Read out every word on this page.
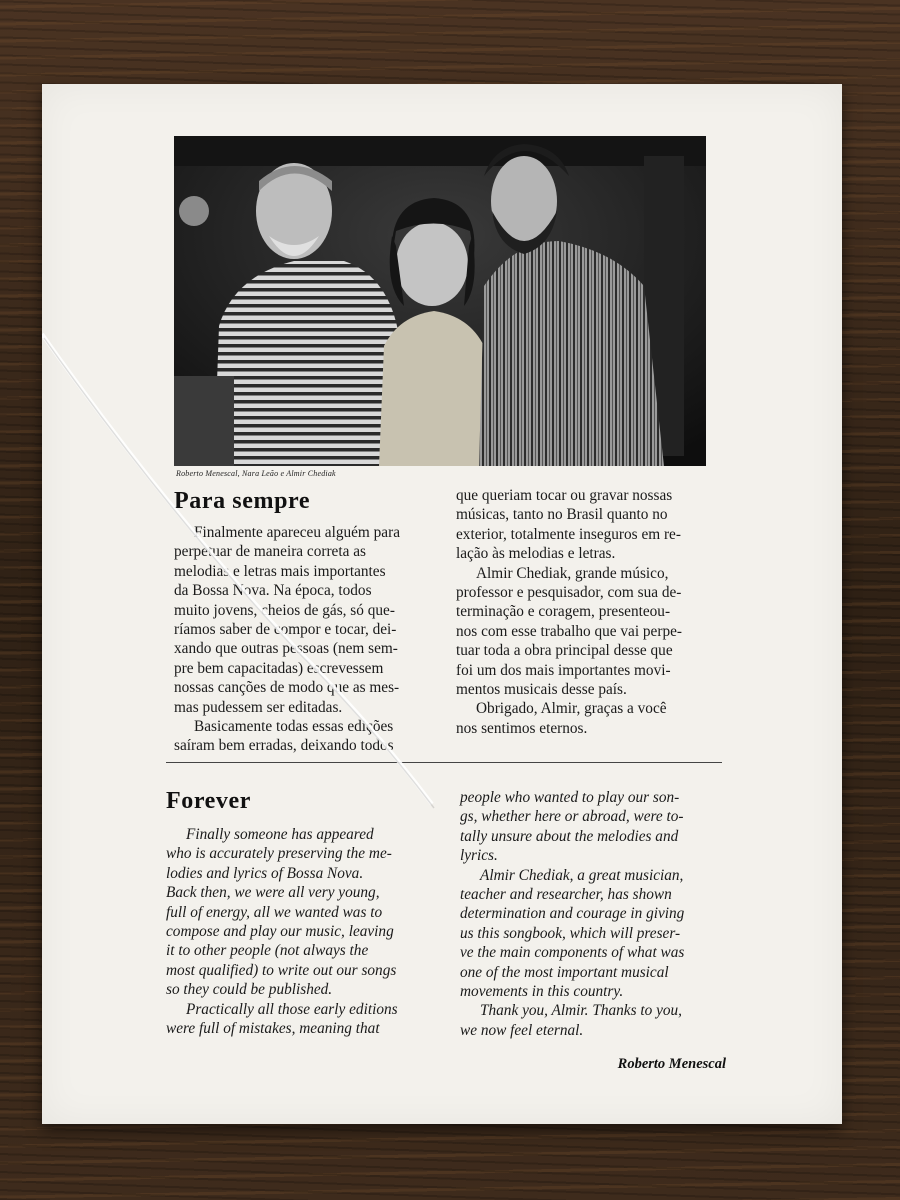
Roberto Menescal, Nara Leão e Almir Chediak
Para sempre
Finalmente apareceu alguém para
perpetuar de maneira correta as
melodias e letras mais importantes
da Bossa Nova. Na época, todos
muito jovens, cheios de gás, só que-
ríamos saber de compor e tocar, dei-
xando que outras pessoas (nem sem-
pre bem capacitadas) escrevessem
nossas canções de modo que as mes-
mas pudessem ser editadas.
Basicamente todas essas edições
saíram bem erradas, deixando todos
que queriam tocar ou gravar nossas
músicas, tanto no Brasil quanto no
exterior, totalmente inseguros em re-
lação às melodias e letras.
Almir Chediak, grande músico,
professor e pesquisador, com sua de-
terminação e coragem, presenteou-
nos com esse trabalho que vai perpe-
tuar toda a obra principal desse que
foi um dos mais importantes movi-
mentos musicais desse país.
Obrigado, Almir, graças a você
nos sentimos eternos.
Forever
Finally someone has appeared
who is accurately preserving the me-
lodies and lyrics of Bossa Nova.
Back then, we were all very young,
full of energy, all we wanted was to
compose and play our music, leaving
it to other people (not always the
most qualified) to write out our songs
so they could be published.
Practically all those early editions
were full of mistakes, meaning that
people who wanted to play our son-
gs, whether here or abroad, were to-
tally unsure about the melodies and
lyrics.
Almir Chediak, a great musician,
teacher and researcher, has shown
determination and courage in giving
us this songbook, which will preser-
ve the main components of what was
one of the most important musical
movements in this country.
Thank you, Almir. Thanks to you,
we now feel eternal.
Roberto Menescal
